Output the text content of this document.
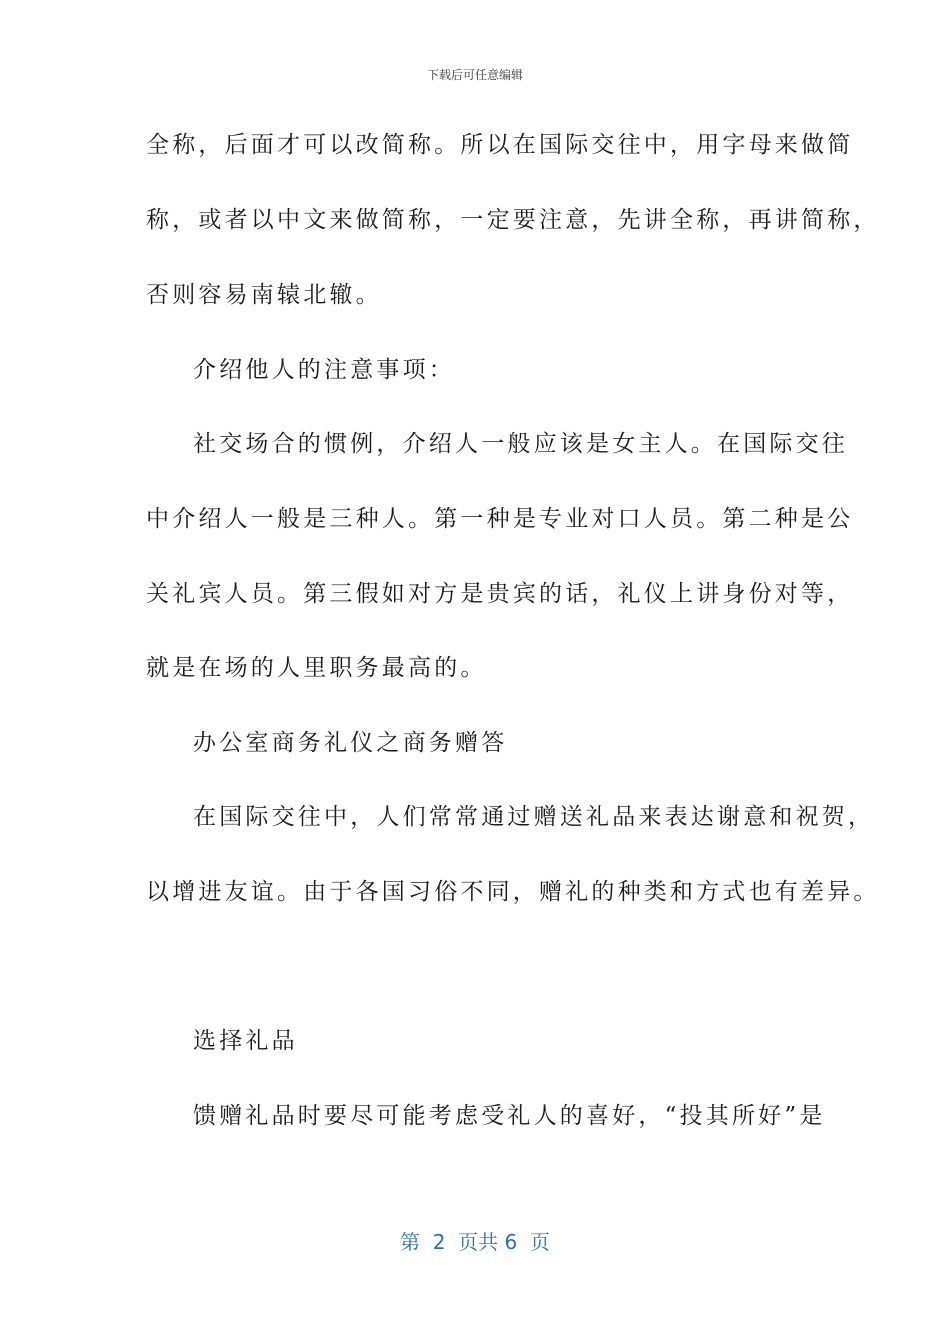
下载后可任意编辑
全称，后面才可以改简称。所以在国际交往中，用字母来做简
称，或者以中文来做简称，一定要注意，先讲全称，再讲简称，
否则容易南辕北辙。
介绍他人的注意事项：
社交场合的惯例，介绍人一般应该是女主人。在国际交往
中介绍人一般是三种人。第一种是专业对口人员。第二种是公
关礼宾人员。第三假如对方是贵宾的话，礼仪上讲身份对等，
就是在场的人里职务最高的。
办公室商务礼仪之商务赠答
在国际交往中，人们常常通过赠送礼品来表达谢意和祝贺，
以增进友谊。由于各国习俗不同，赠礼的种类和方式也有差异。
选择礼品
馈赠礼品时要尽可能考虑受礼人的喜好，“投其所好”是
第  2  页共 6  页
